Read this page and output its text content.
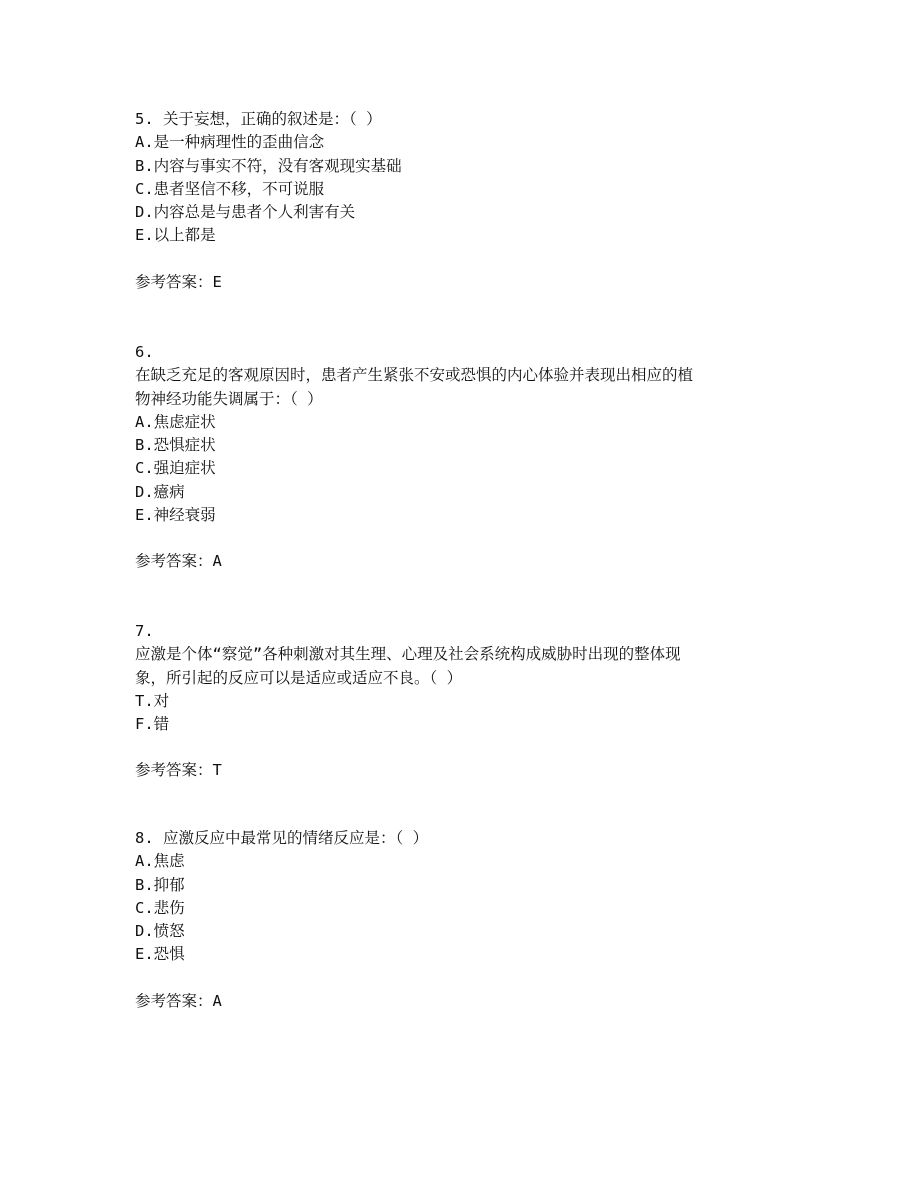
5. 关于妄想，正确的叙述是：（ ）
A.是一种病理性的歪曲信念
B.内容与事实不符，没有客观现实基础
C.患者坚信不移，不可说服
D.内容总是与患者个人利害有关
E.以上都是
参考答案：E
6.
在缺乏充足的客观原因时，患者产生紧张不安或恐惧的内心体验并表现出相应的植
物神经功能失调属于：（ ）
A.焦虑症状
B.恐惧症状
C.强迫症状
D.癔病
E.神经衰弱
参考答案：A
7.
应激是个体“察觉”各种刺激对其生理、心理及社会系统构成威胁时出现的整体现
象，所引起的反应可以是适应或适应不良。（ ）
T.对
F.错
参考答案：T
8. 应激反应中最常见的情绪反应是：（ ）
A.焦虑
B.抑郁
C.悲伤
D.愤怒
E.恐惧
参考答案：A
